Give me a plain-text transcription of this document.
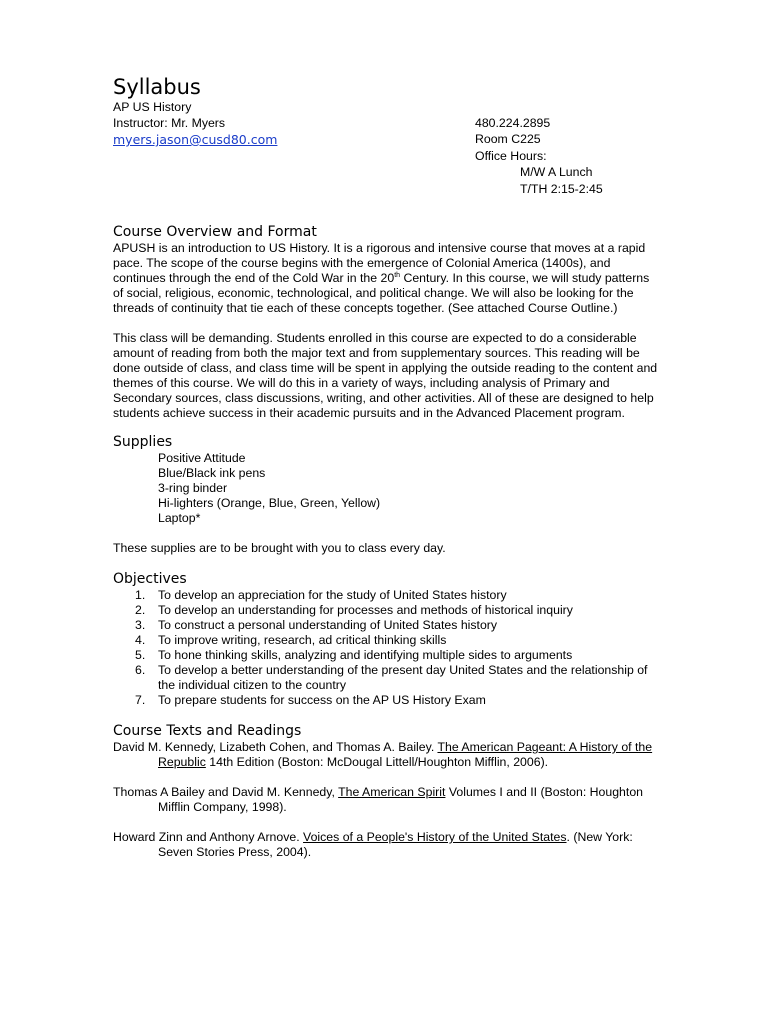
Syllabus
AP US History
Instructor: Mr. Myers
myers.jason@cusd80.com
480.224.2895
Room C225
Office Hours:
M/W A Lunch
T/TH 2:15-2:45
Course Overview and Format

APUSH is an introduction to US History. It is a rigorous and intensive course that moves at a rapid pace. The scope of the course begins with the emergence of Colonial America (1400s), and continues through the end of the Cold War in the 20th Century. In this course, we will study patterns of social, religious, economic, technological, and political change. We will also be looking for the threads of continuity that tie each of these concepts together. (See attached Course Outline.)

This class will be demanding. Students enrolled in this course are expected to do a considerable amount of reading from both the major text and from supplementary sources. This reading will be done outside of class, and class time will be spent in applying the outside reading to the content and themes of this course. We will do this in a variety of ways, including analysis of Primary and Secondary sources, class discussions, writing, and other activities. All of these are designed to help students achieve success in their academic pursuits and in the Advanced Placement program.

Supplies
Positive Attitude
Blue/Black ink pens
3-ring binder
Hi-lighters (Orange, Blue, Green, Yellow)
Laptop*

These supplies are to be brought with you to class every day.

Objectives
1. To develop an appreciation for the study of United States history
2. To develop an understanding for processes and methods of historical inquiry
3. To construct a personal understanding of United States history
4. To improve writing, research, ad critical thinking skills
5. To hone thinking skills, analyzing and identifying multiple sides to arguments
6. To develop a better understanding of the present day United States and the relationship of the individual citizen to the country
7. To prepare students for success on the AP US History Exam
Course Texts and Readings

David M. Kennedy, Lizabeth Cohen, and Thomas A. Bailey. The American Pageant: A History of the Republic 14th Edition (Boston: McDougal Littell/Houghton Mifflin, 2006).

Thomas A Bailey and David M. Kennedy, The American Spirit Volumes I and II (Boston: Houghton Mifflin Company, 1998).

Howard Zinn and Anthony Arnove. Voices of a People's History of the United States. (New York: Seven Stories Press, 2004).
